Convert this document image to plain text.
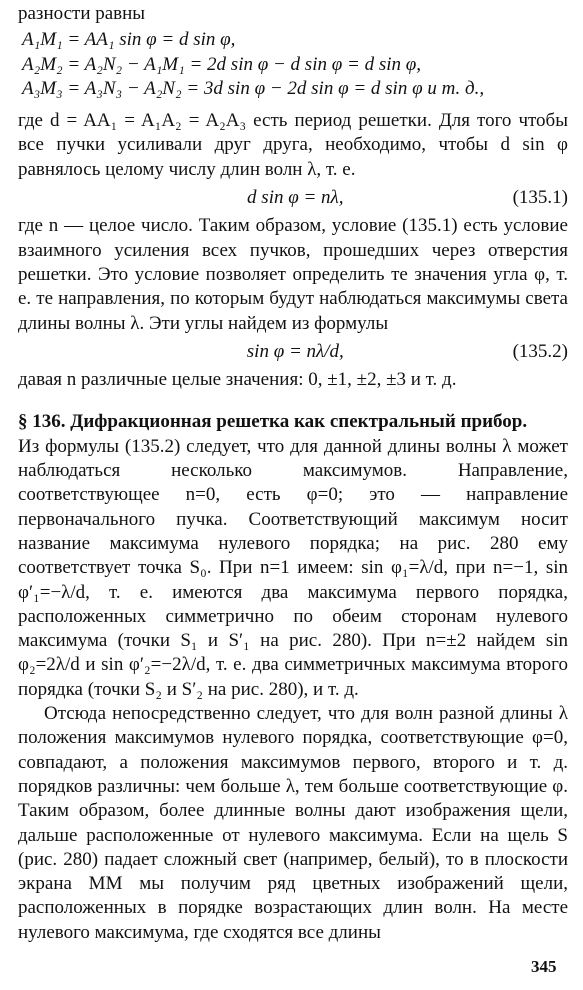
разности равны

A₁M₁ = AA₁ sin φ = d sin φ,
A₂M₂ = A₂N₂ − A₁M₁ = 2d sin φ − d sin φ = d sin φ,
A₃M₃ = A₃N₃ − A₂N₂ = 3d sin φ − 2d sin φ = d sin φ и т. д.,

где d = AA₁ = A₁A₂ = A₂A₃ есть период решетки. Для того чтобы все пучки усиливали друг друга, необходимо, чтобы d sin φ равнялось целому числу длин волн λ, т. е.

d sin φ = nλ,	(135.1)

где n — целое число. Таким образом, условие (135.1) есть условие взаимного усиления всех пучков, прошедших через отверстия решетки. Это условие позволяет определить те значения угла φ, т. е. те направления, по которым будут наблюдаться максимумы света длины волны λ. Эти углы найдем из формулы

sin φ = nλ/d,	(135.2)

давая n различные целые значения: 0, ±1, ±2, ±3 и т. д.

§ 136. Дифракционная решетка как спектральный прибор.

Из формулы (135.2) следует, что для данной длины волны λ может наблюдаться несколько максимумов. Направление, соответствующее n=0, есть φ=0; это — направление первоначального пучка. Соответствующий максимум носит название максимума нулевого порядка; на рис. 280 ему соответствует точка S₀. При n=1 имеем: sin φ₁=λ/d, при n=−1, sin φ′₁=−λ/d, т. е. имеются два максимума первого порядка, расположенных симметрично по обеим сторонам нулевого максимума (точки S₁ и S′₁ на рис. 280). При n=±2 найдем sin φ₂=2λ/d и sin φ′₂=−2λ/d, т. е. два симметричных максимума второго порядка (точки S₂ и S′₂ на рис. 280), и т. д.

Отсюда непосредственно следует, что для волн разной длины λ положения максимумов нулевого порядка, соответствующие φ=0, совпадают, а положения максимумов первого, второго и т. д. порядков различны: чем больше λ, тем больше соответствующие φ. Таким образом, более длинные волны дают изображения щели, дальше расположенные от нулевого максимума. Если на щель S (рис. 280) падает сложный свет (например, белый), то в плоскости экрана MM мы получим ряд цветных изображений щели, расположенных в порядке возрастающих длин волн. На месте нулевого максимума, где сходятся все длины

345
